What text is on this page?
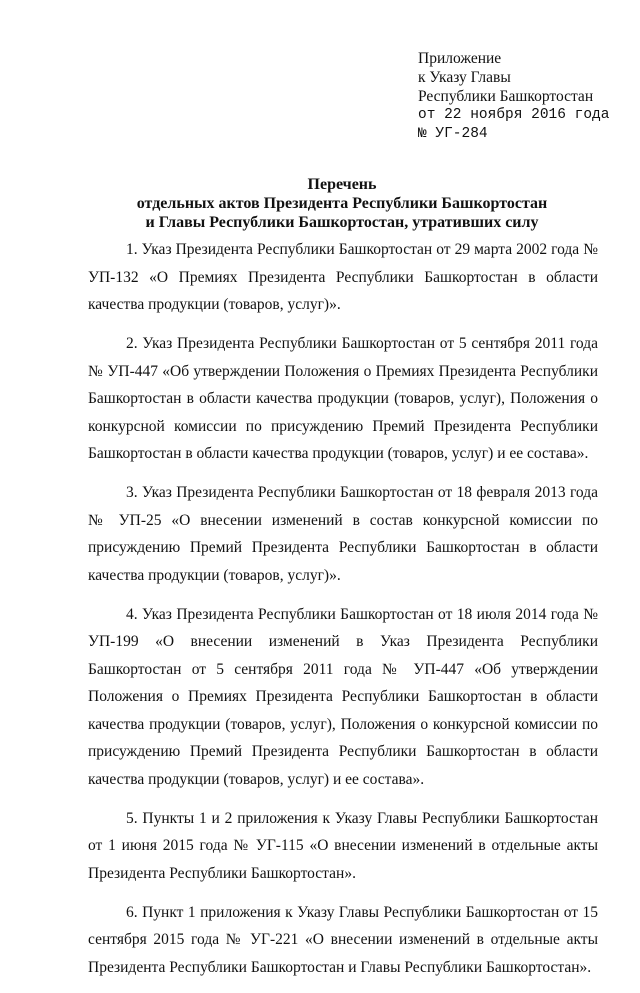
Приложение
к Указу Главы
Республики Башкортостан
от 22 ноября 2016 года
№ УГ-284
Перечень
отдельных актов Президента Республики Башкортостан
и Главы Республики Башкортостан, утративших силу

1. Указ Президента Республики Башкортостан от 29 марта 2002 года № УП-132 «О Премиях Президента Республики Башкортостан в области качества продукции (товаров, услуг)».

2. Указ Президента Республики Башкортостан от 5 сентября 2011 года № УП-447 «Об утверждении Положения о Премиях Президента Республики Башкортостан в области качества продукции (товаров, услуг), Положения о конкурсной комиссии по присуждению Премий Президента Республики Башкортостан в области качества продукции (товаров, услуг) и ее состава».

3. Указ Президента Республики Башкортостан от 18 февраля 2013 года № УП-25 «О внесении изменений в состав конкурсной комиссии по присуждению Премий Президента Республики Башкортостан в области качества продукции (товаров, услуг)».

4. Указ Президента Республики Башкортостан от 18 июля 2014 года № УП-199 «О внесении изменений в Указ Президента Республики Башкортостан от 5 сентября 2011 года № УП-447 «Об утверждении Положения о Премиях Президента Республики Башкортостан в области качества продукции (товаров, услуг), Положения о конкурсной комиссии по присуждению Премий Президента Республики Башкортостан в области качества продукции (товаров, услуг) и ее состава».

5. Пункты 1 и 2 приложения к Указу Главы Республики Башкортостан от 1 июня 2015 года № УГ-115 «О внесении изменений в отдельные акты Президента Республики Башкортостан».

6. Пункт 1 приложения к Указу Главы Республики Башкортостан от 15 сентября 2015 года № УГ-221 «О внесении изменений в отдельные акты Президента Республики Башкортостан и Главы Республики Башкортостан».
